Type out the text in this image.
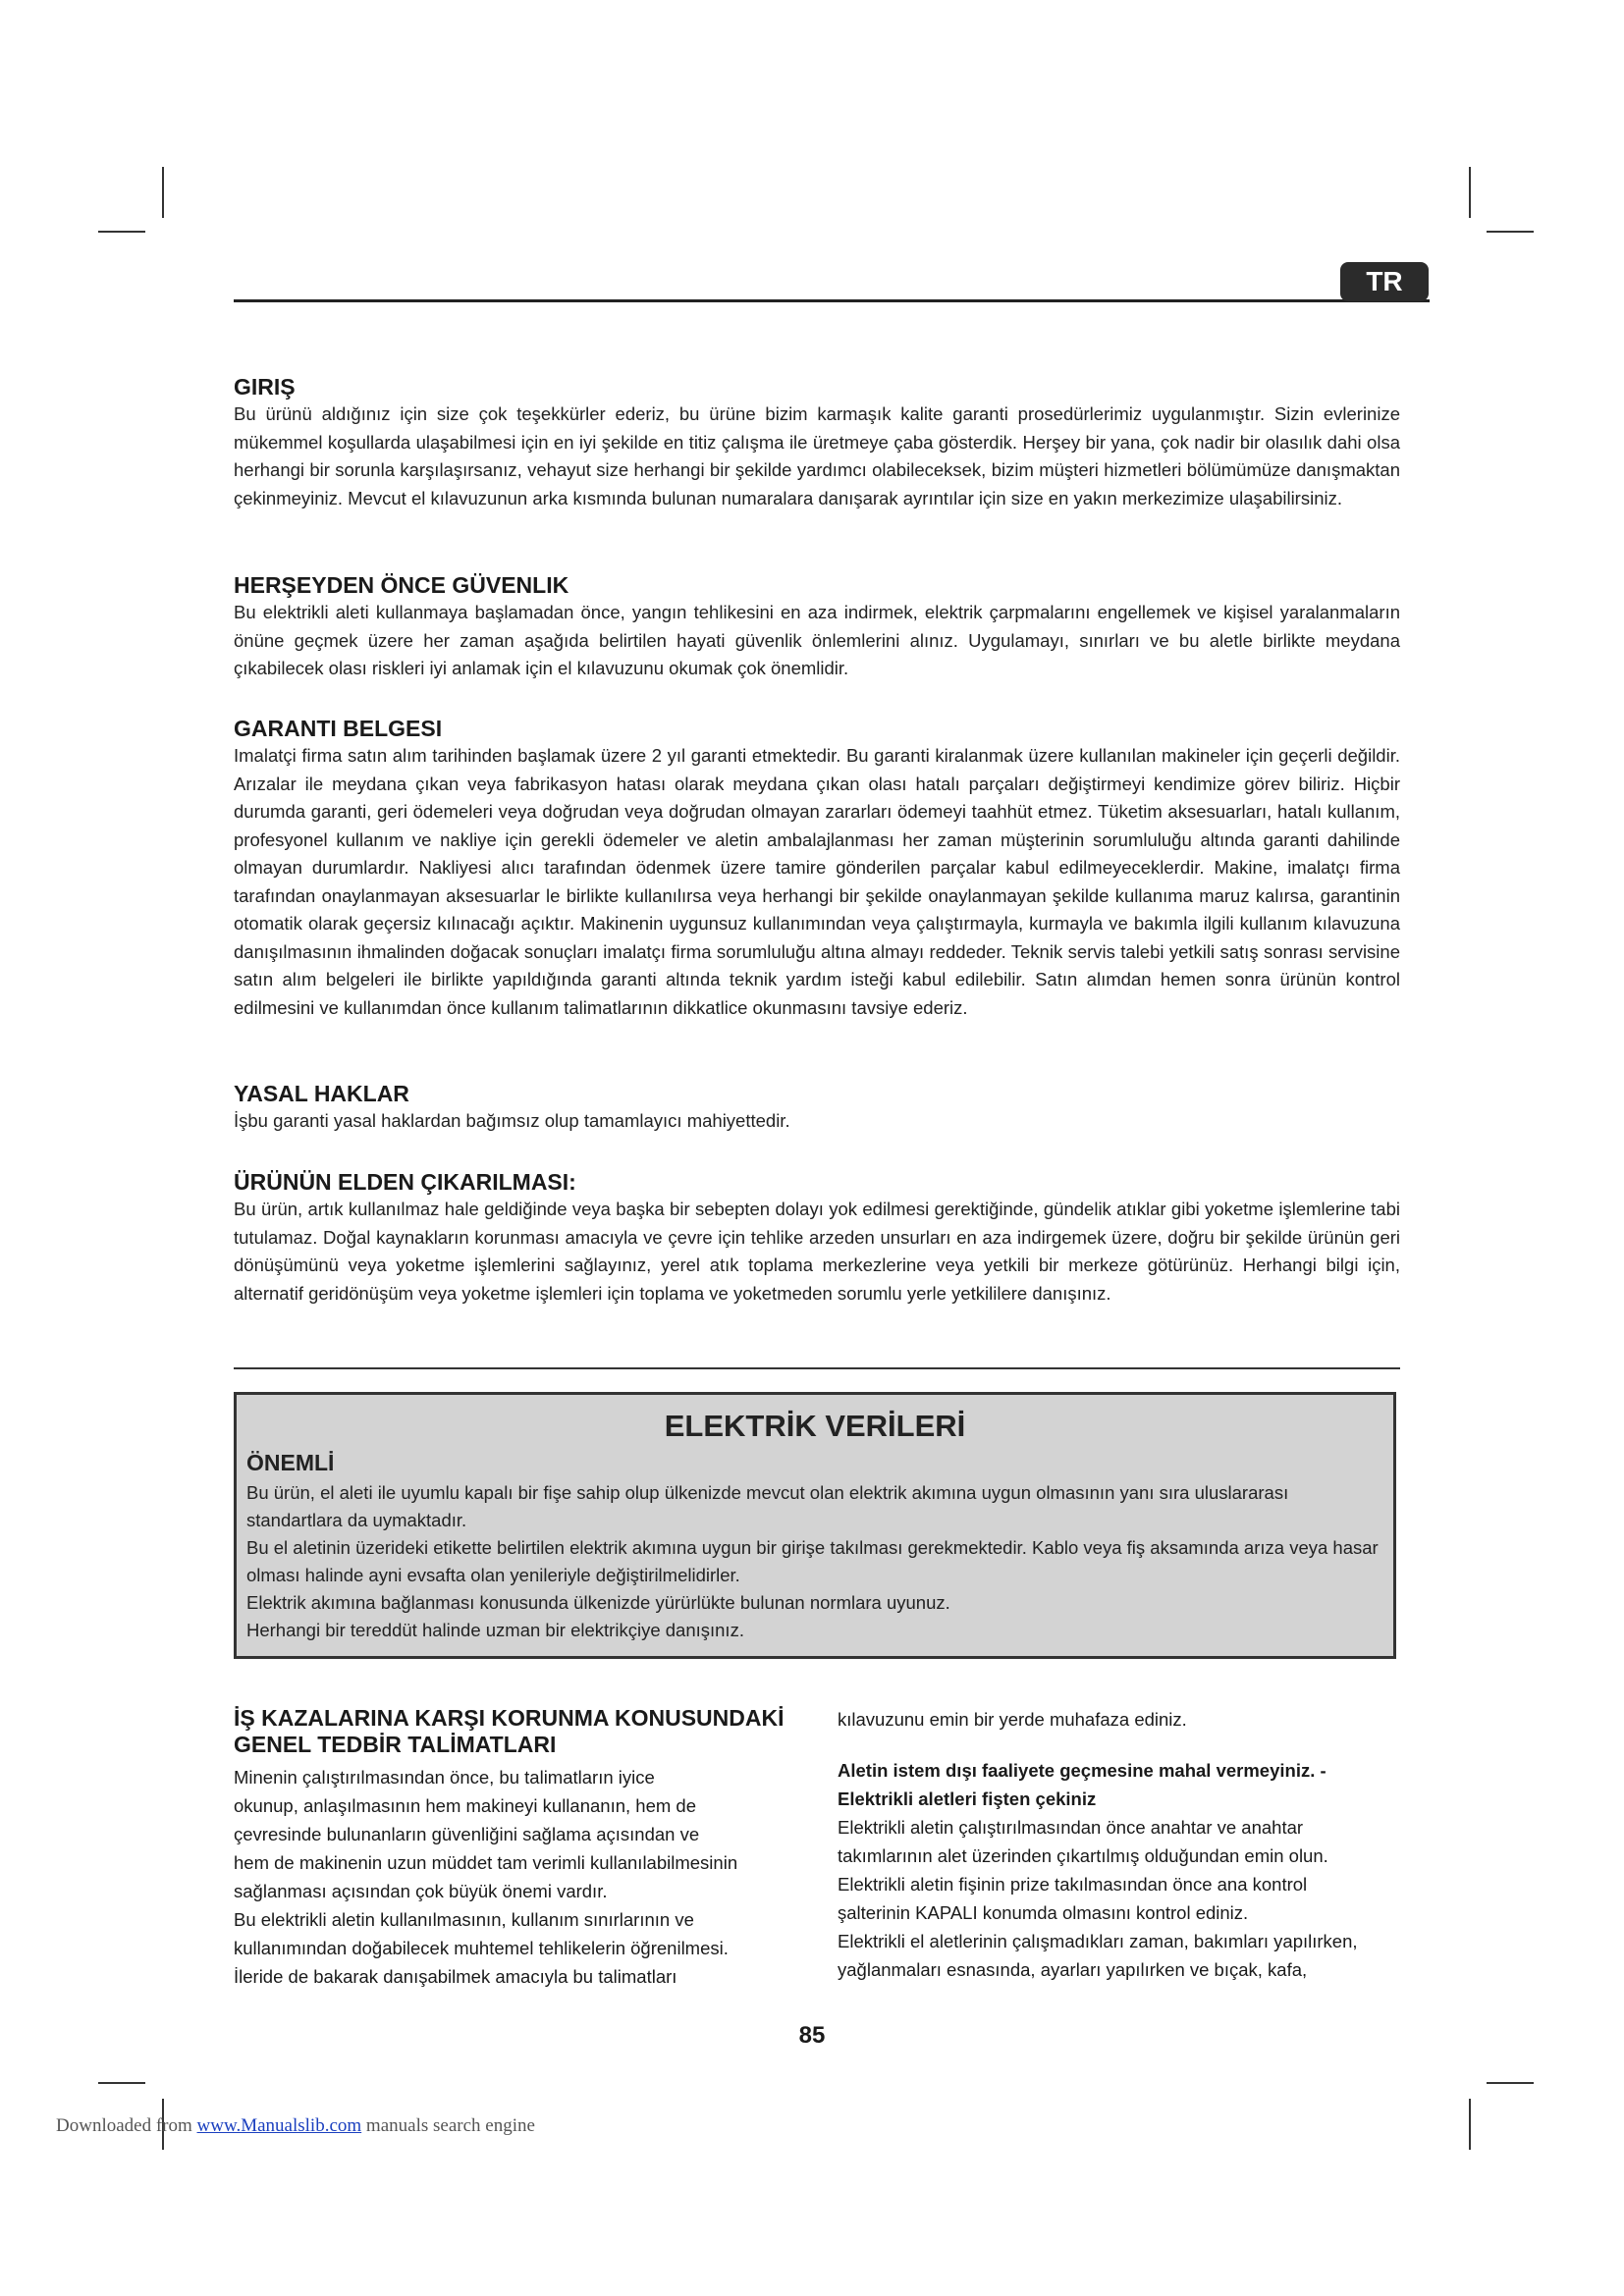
TR
GIRIŞ

Bu ürünü aldığınız için size çok teşekkürler ederiz, bu ürüne bizim karmaşık kalite garanti prosedürlerimiz uygulanmıştır. Sizin evlerinize mükemmel koşullarda ulaşabilmesi için en iyi şekilde en titiz çalışma ile üretmeye çaba gösterdik. Herşey bir yana, çok nadir bir olasılık dahi olsa herhangi bir sorunla karşılaşırsanız, vehayut size herhangi bir şekilde yardımcı olabileceksek, bizim müşteri hizmetleri bölümümüze danışmaktan çekinmeyiniz. Mevcut el kılavuzunun arka kısmında bulunan numaralara danışarak ayrıntılar için size en yakın merkezimize ulaşabilirsiniz.

HERŞEYDEN ÖNCE GÜVENLIK

Bu elektrikli aleti kullanmaya başlamadan önce, yangın tehlikesini en aza indirmek, elektrik çarpmalarını engellemek ve kişisel yaralanmaların önüne geçmek üzere her zaman aşağıda belirtilen hayati güvenlik önlemlerini alınız. Uygulamayı, sınırları ve bu aletle birlikte meydana çıkabilecek olası riskleri iyi anlamak için el kılavuzunu okumak çok önemlidir.

GARANTI BELGESI

Imalatçi firma satın alım tarihinden başlamak üzere 2 yıl garanti etmektedir. Bu garanti kiralanmak üzere kullanılan makineler için geçerli değildir. Arızalar ile meydana çıkan veya fabrikasyon hatası olarak meydana çıkan olası hatalı parçaları değiştirmeyi kendimize görev biliriz. Hiçbir durumda garanti, geri ödemeleri veya doğrudan veya doğrudan olmayan zararları ödemeyi taahhüt etmez. Tüketim aksesuarları, hatalı kullanım, profesyonel kullanım ve nakliye için gerekli ödemeler ve aletin ambalajlanması her zaman müşterinin sorumluluğu altında garanti dahilinde olmayan durumlardır. Nakliyesi alıcı tarafından ödenmek üzere tamire gönderilen parçalar kabul edilmeyeceklerdir. Makine, imalatçı firma tarafından onaylanmayan aksesuarlar le birlikte kullanılırsa veya herhangi bir şekilde onaylanmayan şekilde kullanıma maruz kalırsa, garantinin otomatik olarak geçersiz kılınacağı açıktır. Makinenin uygunsuz kullanımından veya çalıştırmayla, kurmayla ve bakımla ilgili kullanım kılavuzuna danışılmasının ihmalinden doğacak sonuçları imalatçı firma sorumluluğu altına almayı reddeder. Teknik servis talebi yetkili satış sonrası servisine satın alım belgeleri ile birlikte yapıldığında garanti altında teknik yardım isteği kabul edilebilir. Satın alımdan hemen sonra ürünün kontrol edilmesini ve kullanımdan önce kullanım talimatlarının dikkatlice okunmasını tavsiye ederiz.

YASAL HAKLAR

İşbu garanti yasal haklardan bağımsız olup tamamlayıcı mahiyettedir.

ÜRÜNÜN ELDEN ÇIKARILMASI:

Bu ürün, artık kullanılmaz hale geldiğinde veya başka bir sebepten dolayı yok edilmesi gerektiğinde, gündelik atıklar gibi yoketme işlemlerine tabi tutulamaz. Doğal kaynakların korunması amacıyla ve çevre için tehlike arzeden unsurları en aza indirgemek üzere, doğru bir şekilde ürünün geri dönüşümünü veya yoketme işlemlerini sağlayınız, yerel atık toplama merkezlerine veya yetkili bir merkeze götürünüz. Herhangi bilgi için, alternatif geridönüşüm veya yoketme işlemleri için toplama ve yoketmeden sorumlu yerle yetkililere danışınız.

ELEKTRİK VERİLERİ
ÖNEMLİ

Bu ürün, el aleti ile uyumlu kapalı bir fişe sahip olup ülkenizde mevcut olan elektrik akımına uygun olmasının yanı sıra uluslararası standartlara da uymaktadır.

Bu el aletinin üzerideki etikette belirtilen elektrik akımına uygun bir girişe takılması gerekmektedir. Kablo veya fiş aksamında arıza veya hasar olması halinde ayni evsafta olan yenileriyle değiştirilmelidirler.

Elektrik akımına bağlanması konusunda ülkenizde yürürlükte bulunan normlara uyunuz.

Herhangi bir tereddüt halinde uzman bir elektrikçiye danışınız.

İŞ KAZALARINA KARŞI KORUNMA KONUSUNDAKİ
GENEL TEDBİR TALİMATLARI
Minenin çalıştırılmasından önce, bu talimatların iyice
okunup, anlaşılmasının hem makineyi kullananın, hem de
çevresinde bulunanların güvenliğini sağlama açısından ve
hem de makinenin uzun müddet tam verimli kullanılabilmesinin
sağlanması açısından çok büyük önemi vardır.
Bu elektrikli aletin kullanılmasının, kullanım sınırlarının ve
kullanımından doğabilecek muhtemel tehlikelerin öğrenilmesi.
İleride de bakarak danışabilmek amacıyla bu talimatları
kılavuzunu emin bir yerde muhafaza ediniz.
Aletin istem dışı faaliyete geçmesine mahal vermeyiniz. -
Elektrikli aletleri fişten çekiniz
Elektrikli aletin çalıştırılmasından önce anahtar ve anahtar
takımlarının alet üzerinden çıkartılmış olduğundan emin olun.
Elektrikli aletin fişinin prize takılmasından önce ana kontrol
şalterinin KAPALI konumda olmasını kontrol ediniz.
Elektrikli el aletlerinin çalışmadıkları zaman, bakımları yapılırken,
yağlanmaları esnasında, ayarları yapılırken ve bıçak, kafa,
85
Downloaded from www.Manualslib.com manuals search engine
